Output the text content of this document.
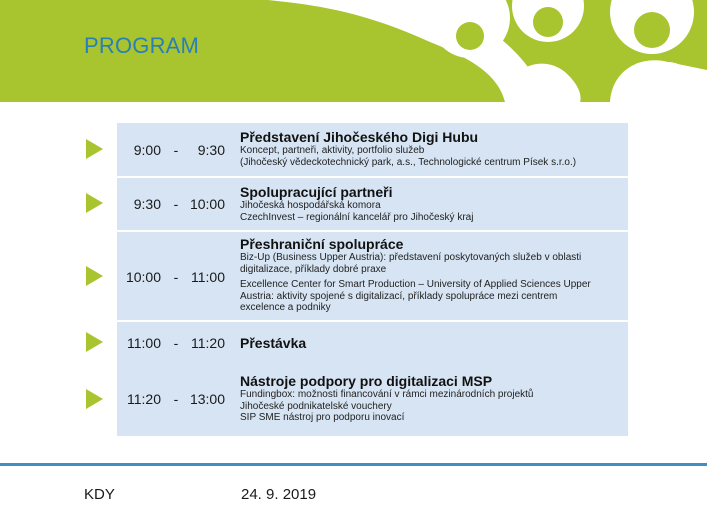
PROGRAM
9:00 -	9:30
Představení Jihočeského Digi Hubu
Koncept, partneři, aktivity, portfolio služeb
(Jihočeský vědeckotechnický park, a.s., Technologické centrum Písek s.r.o.)
9:30 - 10:00
Spolupracující partneři
Jihočeská hospodářská komora
CzechInvest – regionální kancelář pro Jihočeský kraj
10:00 - 11:00
Přeshraniční spolupráce
Biz-Up (Business Upper Austria): představení poskytovaných služeb v oblasti
digitalizace, příklady dobré praxe
Excellence Center for Smart Production – University of Applied Sciences Upper
Austria: aktivity spojené s digitalizací, příklady spolupráce mezi centrem
excelence a podniky
11:00 - 11:20 Přestávka
11:20 - 13:00
Nástroje podpory pro digitalizaci MSP
Fundingbox: možnosti financování v rámci mezinárodních projektů
Jihočeské podnikatelské vouchery
SIP SME nástroj pro podporu inovací
KDY	24. 9. 2019
